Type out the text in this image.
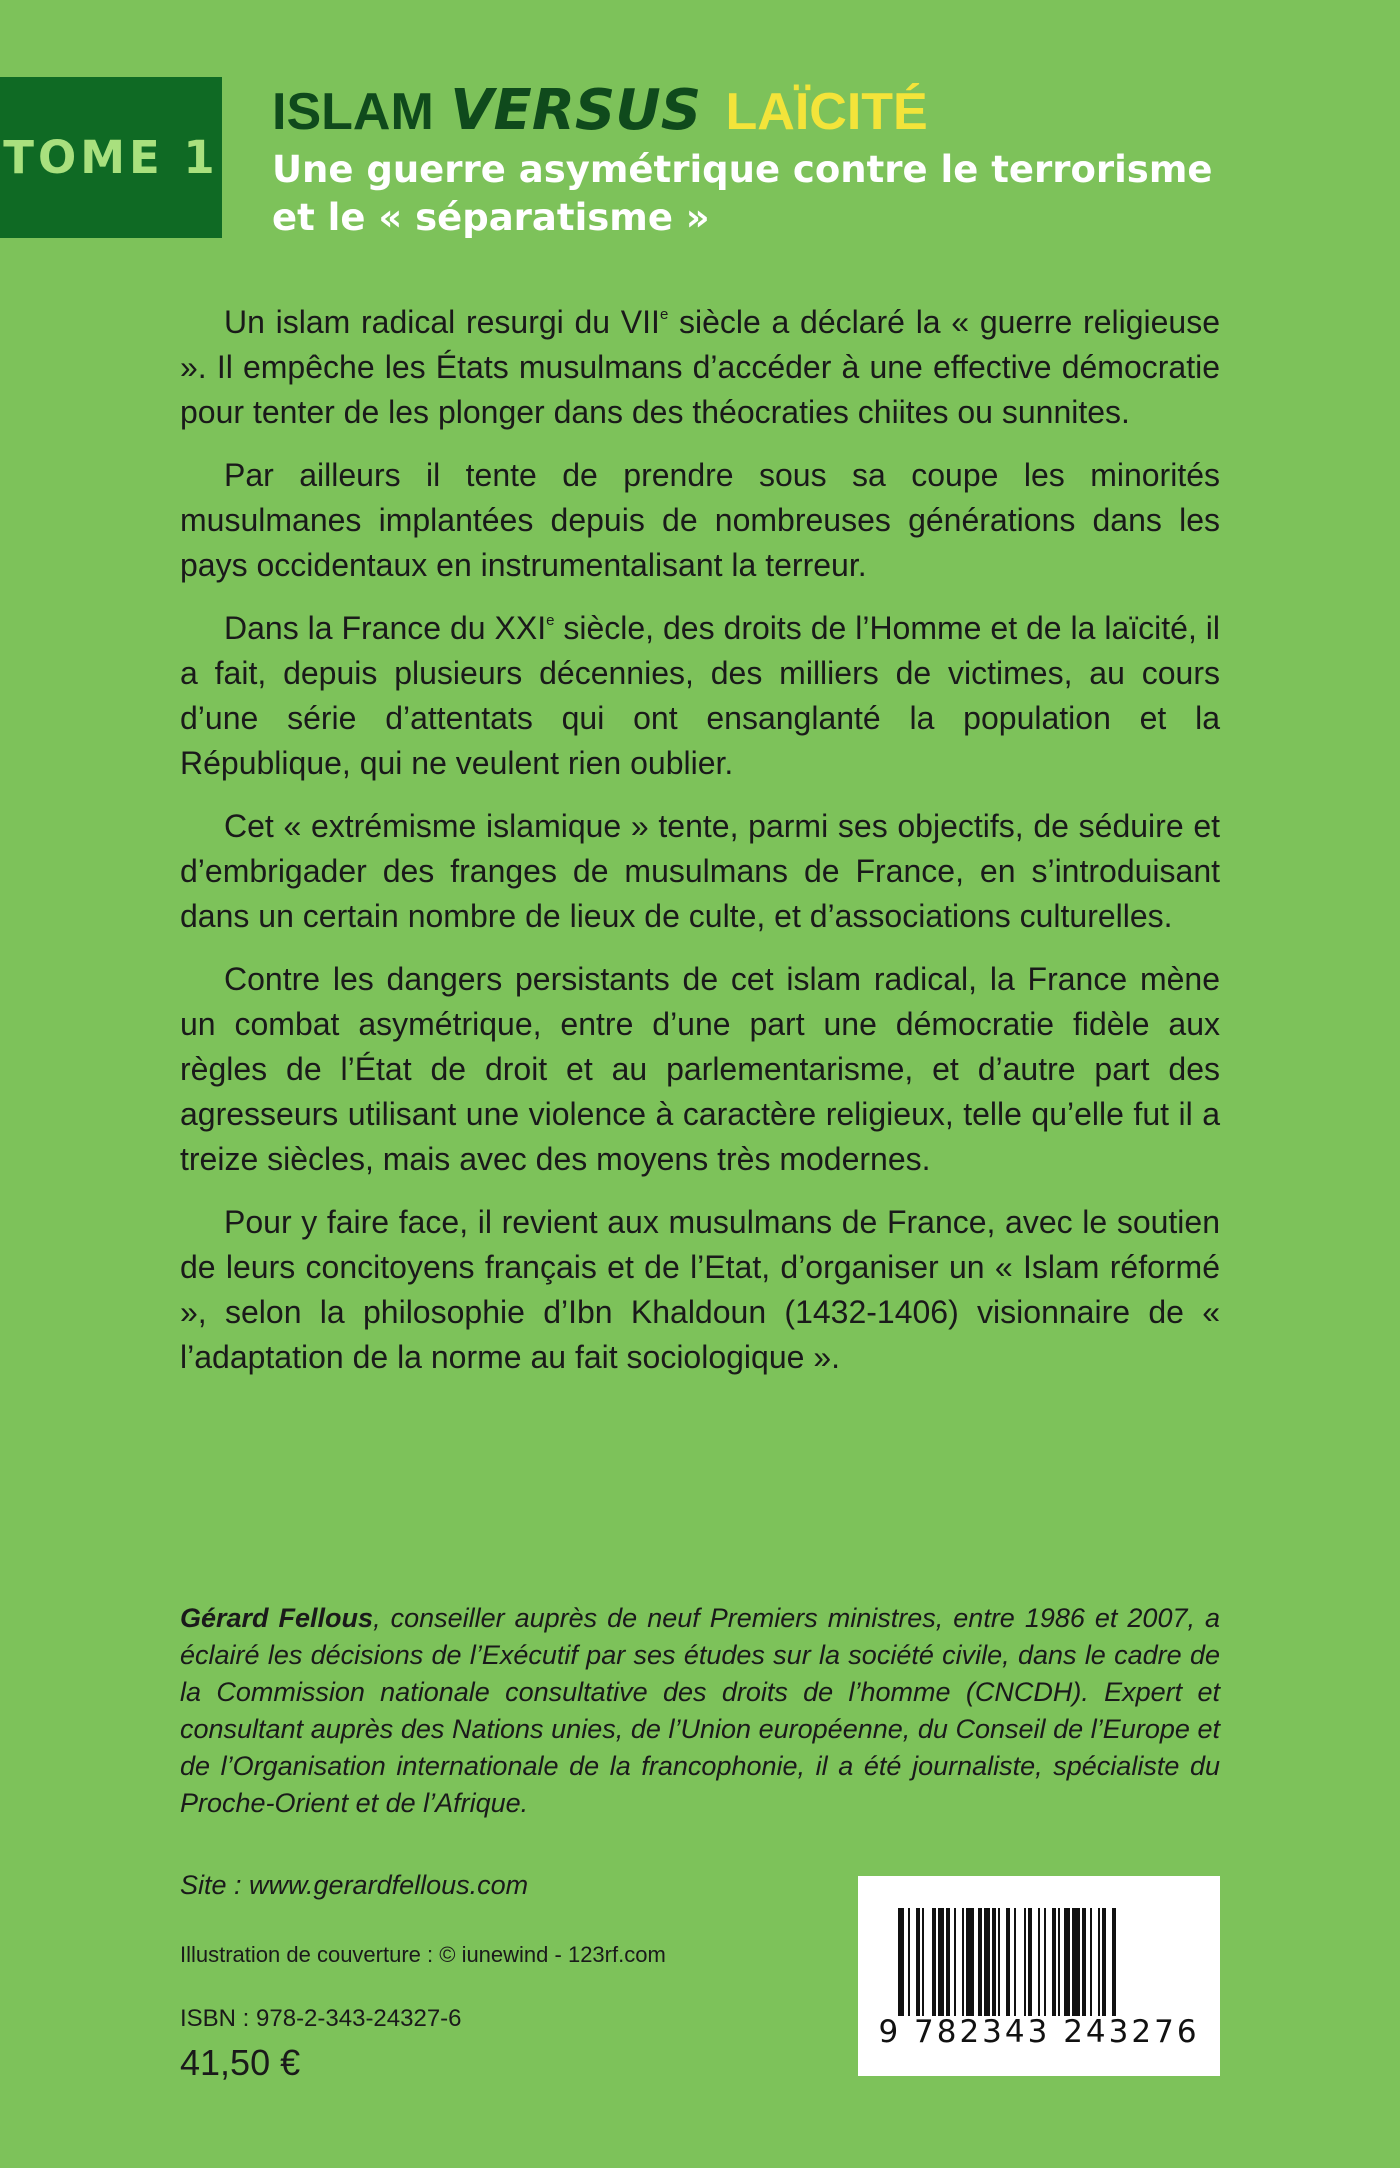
TOME 1
ISLAM VERSUS LAÏCITÉ
Une guerre asymétrique contre le terrorisme
et le « séparatisme »

Un islam radical resurgi du VIIe siècle a déclaré la « guerre religieuse ». Il empêche les États musulmans d’accéder à une effective démocratie pour tenter de les plonger dans des théocraties chiites ou sunnites.

Par ailleurs il tente de prendre sous sa coupe les minorités musulmanes implantées depuis de nombreuses générations dans les pays occidentaux en instrumentalisant la terreur.

Dans la France du XXIe siècle, des droits de l’Homme et de la laïcité, il a fait, depuis plusieurs décennies, des milliers de victimes, au cours d’une série d’attentats qui ont ensanglanté la population et la République, qui ne veulent rien oublier.

Cet « extrémisme islamique » tente, parmi ses objectifs, de séduire et d’embrigader des franges de musulmans de France, en s’introduisant dans un certain nombre de lieux de culte, et d’associations culturelles.

Contre les dangers persistants de cet islam radical, la France mène un combat asymétrique, entre d’une part une démocratie fidèle aux règles de l’État de droit et au parlementarisme, et d’autre part des agresseurs utilisant une violence à caractère religieux, telle qu’elle fut il a treize siècles, mais avec des moyens très modernes.

Pour y faire face, il revient aux musulmans de France, avec le soutien de leurs concitoyens français et de l’Etat, d’organiser un « Islam réformé », selon la philosophie d’Ibn Khaldoun (1432-1406) visionnaire de « l’adaptation de la norme au fait sociologique ».

Gérard Fellous, conseiller auprès de neuf Premiers ministres, entre 1986 et 2007, a éclairé les décisions de l’Exécutif par ses études sur la société civile, dans le cadre de la Commission nationale consultative des droits de l’homme (CNCDH). Expert et consultant auprès des Nations unies, de l’Union européenne, du Conseil de l’Europe et de l’Organisation internationale de la francophonie, il a été journaliste, spécialiste du Proche-Orient et de l’Afrique.
Site : www.gerardfellous.com
Illustration de couverture : © iunewind - 123rf.com
ISBN : 978-2-343-24327-6
41,50 €
9 782343 243276
